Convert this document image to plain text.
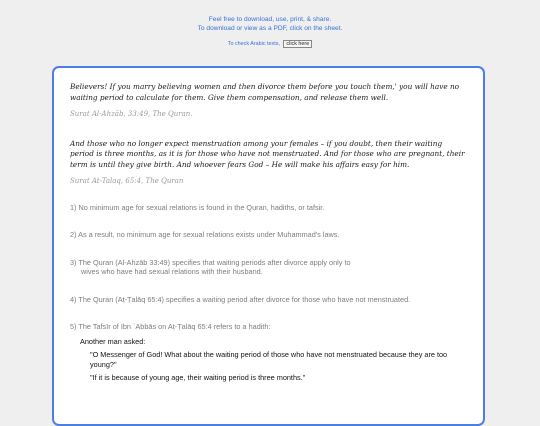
Feel free to download, use, print, & share.
To download or view as a PDF, click on the sheet.
To check Arabic texts, click here
Believers! If you marry believing women and then divorce them before you touch them,' you will have no waiting period to calculate for them. Give them compensation, and release them well.
Surat Al-Ahzāb, 33:49, The Quran.
And those who no longer expect menstruation among your females – if you doubt, then their waiting period is three months, as it is for those who have not menstruated. And for those who are pregnant, their term is until they give birth. And whoever fears God – He will make his affairs easy for him.
Surat At-Talaq, 65:4, The Quran
1) No minimum age for sexual relations is found in the Quran, hadiths, or tafsir.
2) As a result, no minimum age for sexual relations exists under Muhammad's laws.
3) The Quran (Al-Ahzāb 33:49) specifies that waiting periods after divorce apply only to
wives who have had sexual relations with their husband.
4) The Quran (Aṭ-Ṭalāq 65:4) specifies a waiting period after divorce for those who have not menstruated.
5) The Tafsīr of Ibn `Abbās on Aṭ-Ṭalāq 65:4 refers to a hadith:
Another man asked:
"O Messenger of God! What about the waiting period of those who have not menstruated because they are too young?"
"If it is because of young age, their waiting period is three months."
